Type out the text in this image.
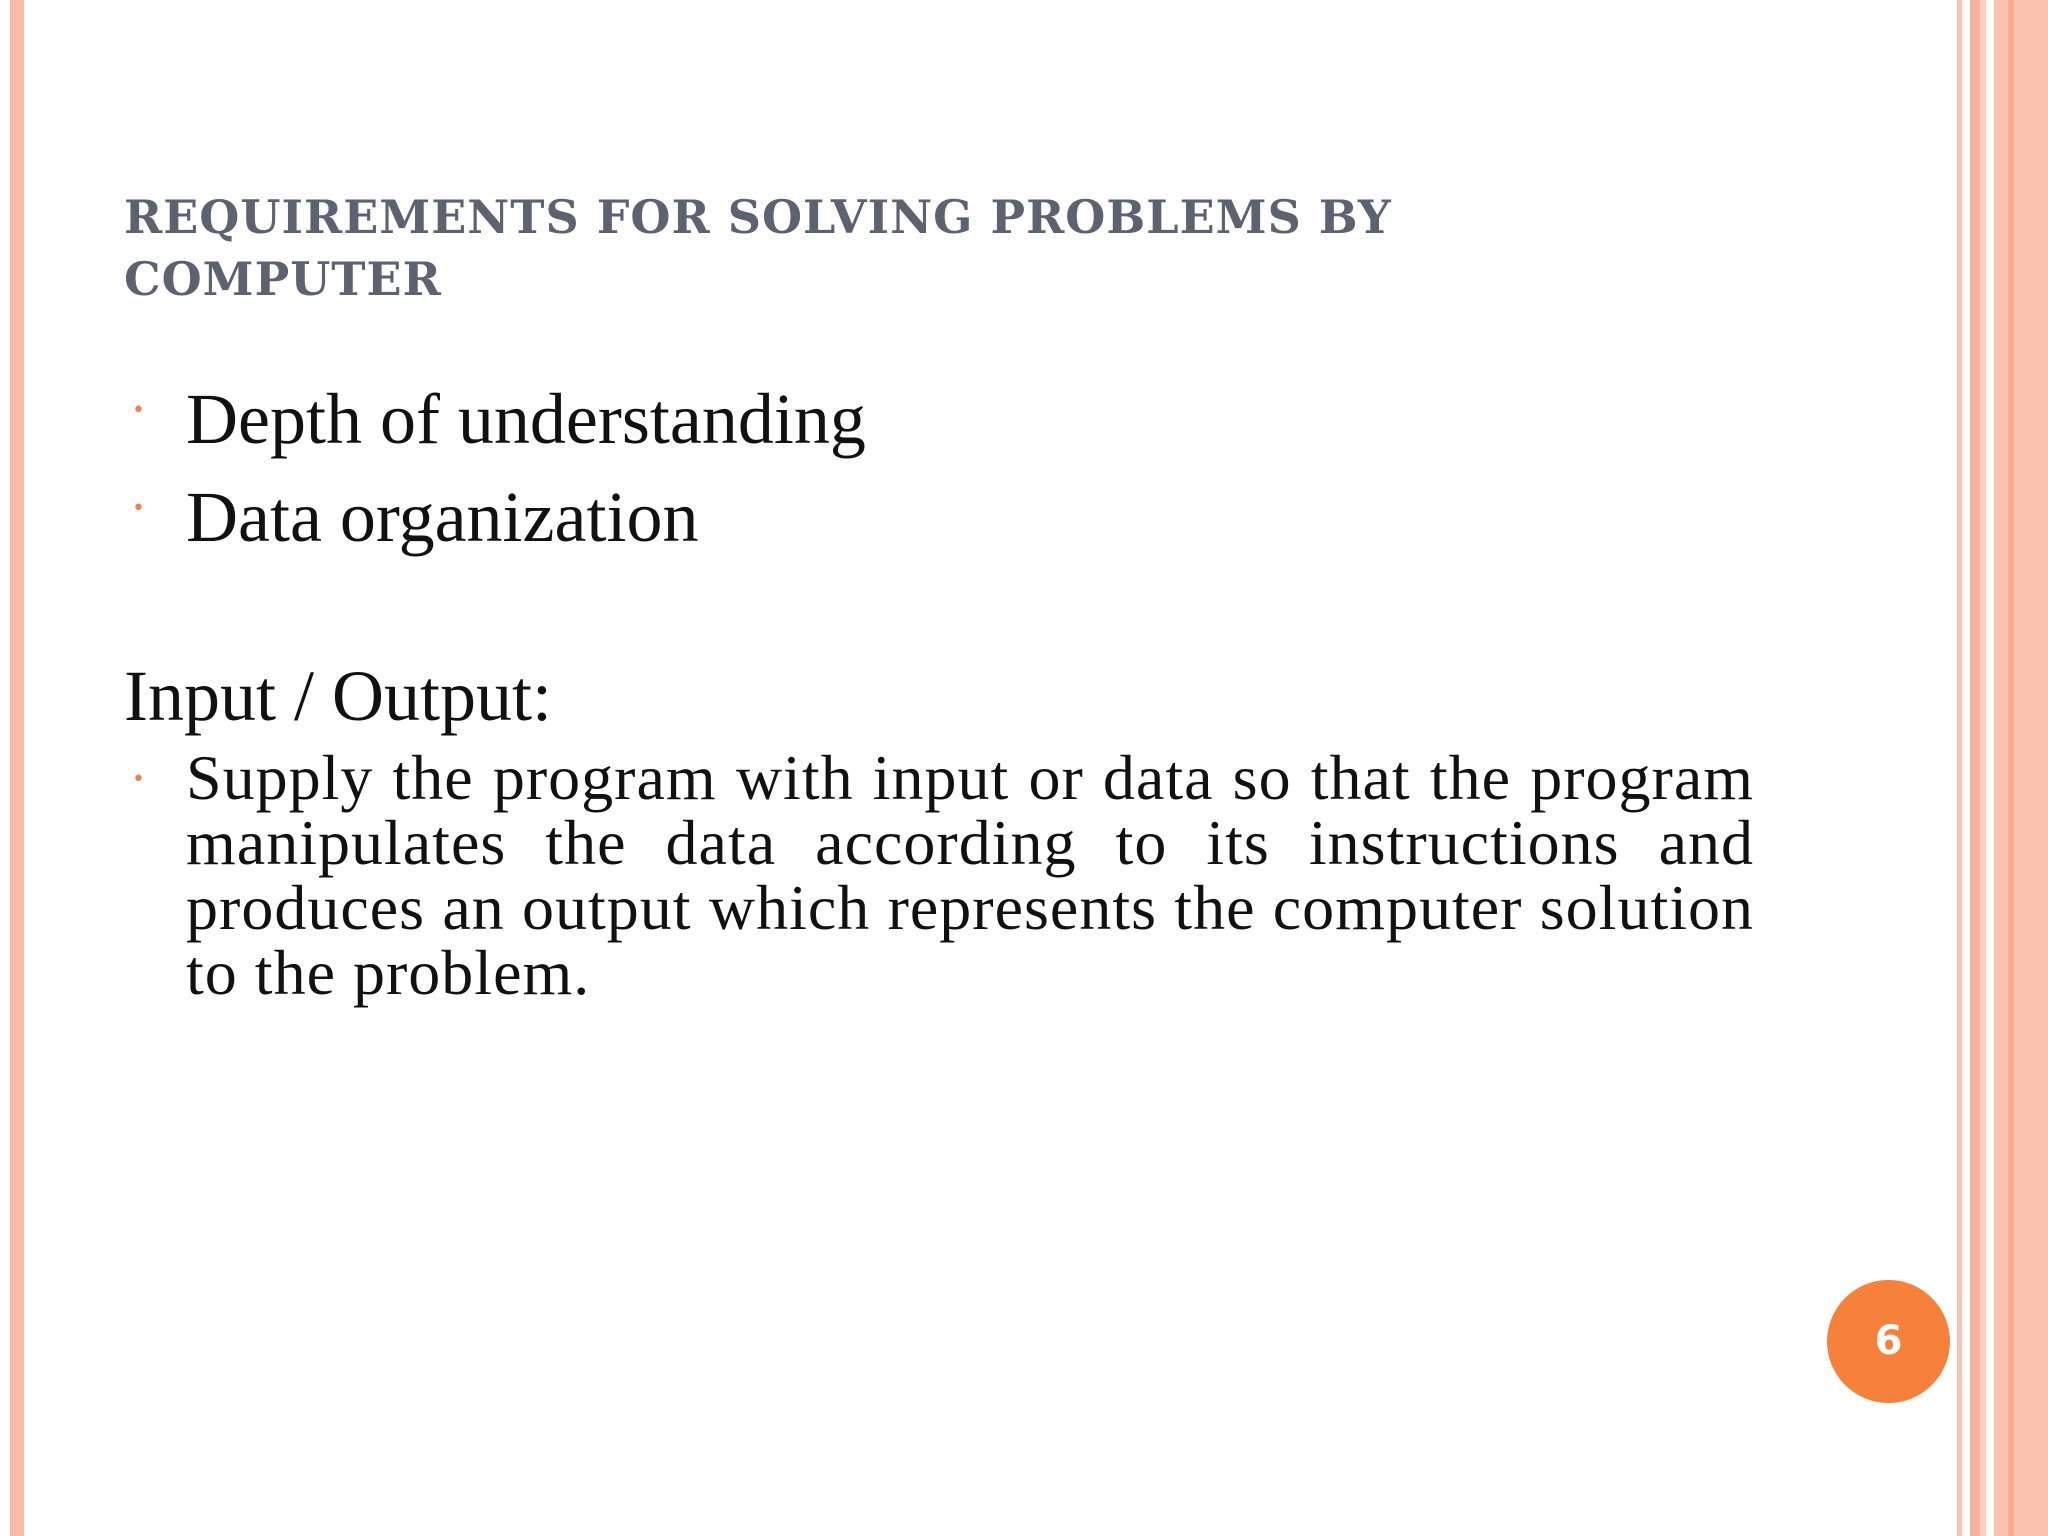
REQUIREMENTS FOR SOLVING PROBLEMS BY COMPUTER
• Depth of understanding
• Data organization
Input / Output:

• Supply the program with input or data so that the program manipulates the data according to its instructions and produces an output which represents the computer solution to the problem.

6
